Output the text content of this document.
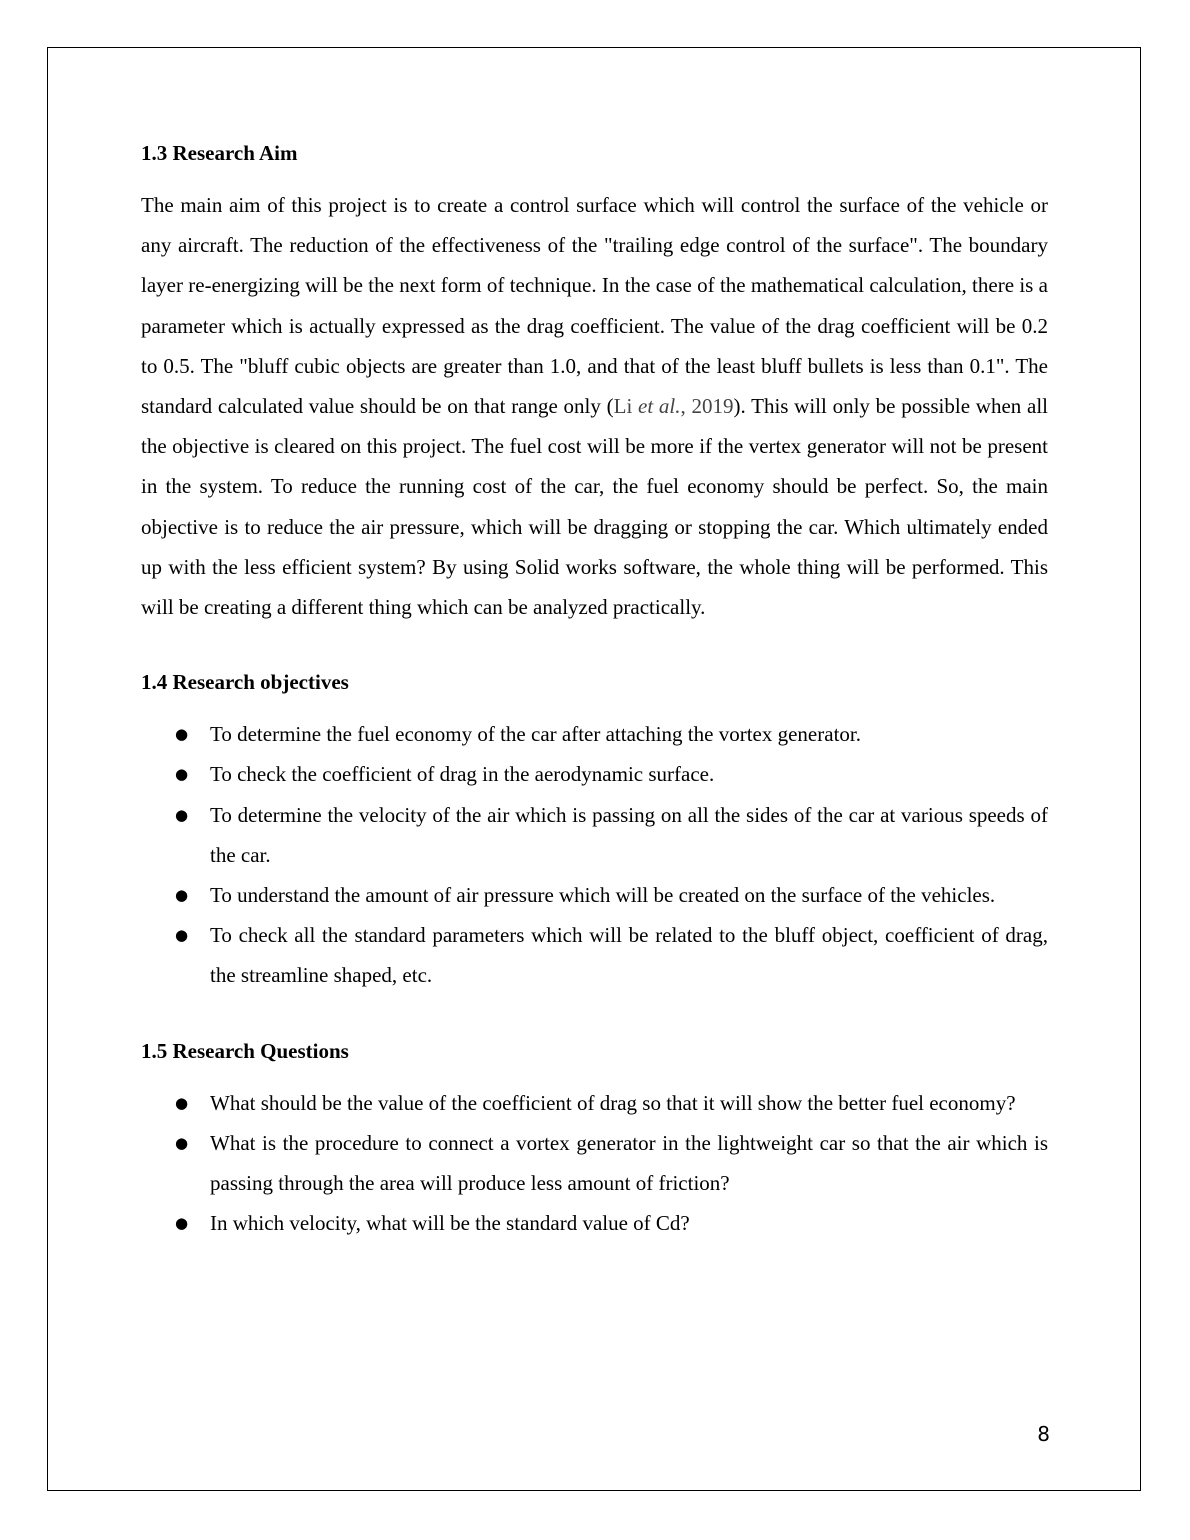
1.3 Research Aim

The main aim of this project is to create a control surface which will control the surface of the vehicle or any aircraft. The reduction of the effectiveness of the "trailing edge control of the surface". The boundary layer re-energizing will be the next form of technique. In the case of the mathematical calculation, there is a parameter which is actually expressed as the drag coefficient. The value of the drag coefficient will be 0.2 to 0.5. The "bluff cubic objects are greater than 1.0, and that of the least bluff bullets is less than 0.1". The standard calculated value should be on that range only (Li et al., 2019). This will only be possible when all the objective is cleared on this project. The fuel cost will be more if the vertex generator will not be present in the system. To reduce the running cost of the car, the fuel economy should be perfect. So, the main objective is to reduce the air pressure, which will be dragging or stopping the car. Which ultimately ended up with the less efficient system? By using Solid works software, the whole thing will be performed. This will be creating a different thing which can be analyzed practically.

1.4 Research objectives
● To determine the fuel economy of the car after attaching the vortex generator.
● To check the coefficient of drag in the aerodynamic surface.
● To determine the velocity of the air which is passing on all the sides of the car at various speeds of the car.
● To understand the amount of air pressure which will be created on the surface of the vehicles.
● To check all the standard parameters which will be related to the bluff object, coefficient of drag, the streamline shaped, etc.
1.5 Research Questions
● What should be the value of the coefficient of drag so that it will show the better fuel economy?
● What is the procedure to connect a vortex generator in the lightweight car so that the air which is passing through the area will produce less amount of friction?
● In which velocity, what will be the standard value of Cd?
8
